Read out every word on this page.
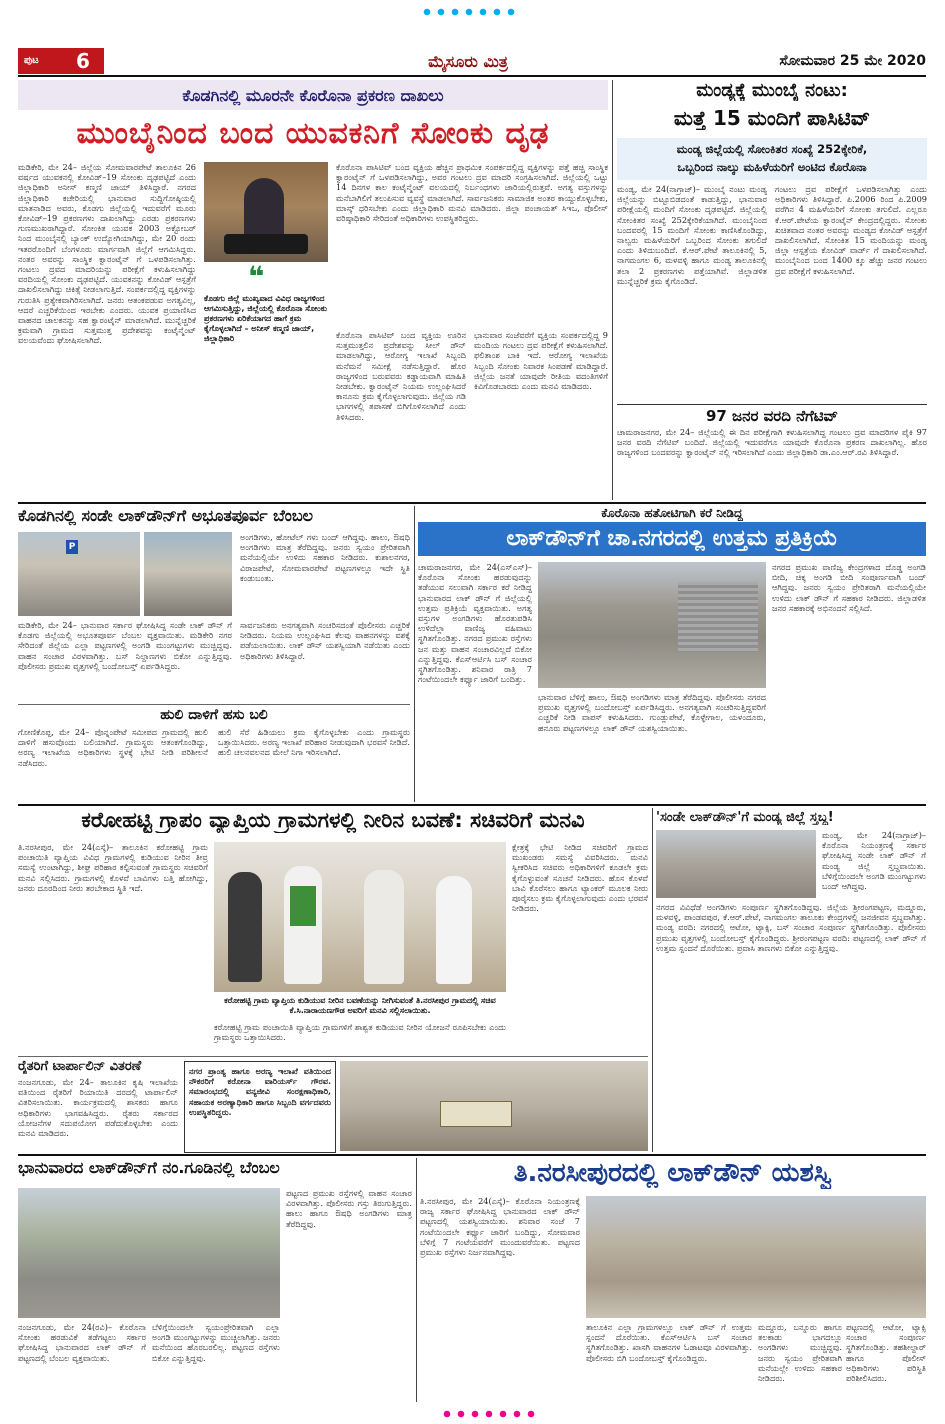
ಪುಟ 6	ಮೈಸೂರು ಮಿತ್ರ	ಸೋಮವಾರ 25 ಮೇ 2020
ಕೊಡಗಿನಲ್ಲಿ ಮೂರನೇ ಕೊರೊನಾ ಪ್ರಕರಣ ದಾಖಲು
ಮುಂಬೈನಿಂದ ಬಂದ ಯುವಕನಿಗೆ ಸೋಂಕು ದೃಢ
ಮಡಿಕೇರಿ, ಮೇ 24– ಜಿಲ್ಲೆಯ ಸೋಮವಾರಪೇಟೆ ತಾಲೂಕಿನ 26 ವರ್ಷದ ಯುವಕನಲ್ಲಿ ಕೋವಿಡ್–19 ಸೋಂಕು ದೃಢಪಟ್ಟಿದೆ ಎಂದು ಜಿಲ್ಲಾಧಿಕಾರಿ ಅನೀಸ್ ಕಣ್ಮಣಿ ಜಾಯ್ ತಿಳಿಸಿದ್ದಾರೆ. ನಗರದ ಜಿಲ್ಲಾಧಿಕಾರಿ ಕಚೇರಿಯಲ್ಲಿ ಭಾನುವಾರ ಸುದ್ದಿಗೋಷ್ಠಿಯಲ್ಲಿ ಮಾತನಾಡಿದ ಅವರು, ಕೊಡಗು ಜಿಲ್ಲೆಯಲ್ಲಿ ಇದುವರೆಗೆ ಮೂರು ಕೋವಿಡ್–19 ಪ್ರಕರಣಗಳು ದಾಖಲಾಗಿದ್ದು ಎರಡು ಪ್ರಕರಣಗಳು ಗುಣಮುಖರಾಗಿದ್ದಾರೆ. ಸೋಂಕಿತ ಯುವಕ 2003 ಅಕ್ಟೋಬರ್ ನಿಂದ ಮುಂಬೈನಲ್ಲಿ ಬ್ಯಾಂಕ್ ಉದ್ಯೋಗಿಯಾಗಿದ್ದು, ಮೇ 20 ರಂದು ಇತರರೊಂದಿಗೆ ಬೆಂಗಳೂರು ಮಾರ್ಗವಾಗಿ ಜಿಲ್ಲೆಗೆ ಆಗಮಿಸಿದ್ದರು. ನಂತರ ಅವರನ್ನು ಸಾಂಸ್ಥಿಕ ಕ್ವಾರಂಟೈನ್ ಗೆ ಒಳಪಡಿಸಲಾಗಿತ್ತು. ಗಂಟಲು ದ್ರವದ ಮಾದರಿಯನ್ನು ಪರೀಕ್ಷೆಗೆ ಕಳುಹಿಸಲಾಗಿದ್ದು ವರದಿಯಲ್ಲಿ ಸೋಂಕು ದೃಢಪಟ್ಟಿದೆ. ಯುವಕನನ್ನು ಕೋವಿಡ್ ಆಸ್ಪತ್ರೆಗೆ ದಾಖಲಿಸಲಾಗಿದ್ದು ಚಿಕಿತ್ಸೆ ನೀಡಲಾಗುತ್ತಿದೆ. ಸಂಪರ್ಕದಲ್ಲಿದ್ದ ವ್ಯಕ್ತಿಗಳನ್ನು ಗುರುತಿಸಿ ಪ್ರತ್ಯೇಕವಾಗಿರಿಸಲಾಗಿದೆ. ಜನರು ಆತಂಕಪಡುವ ಅಗತ್ಯವಿಲ್ಲ, ಆದರೆ ಎಚ್ಚರಿಕೆಯಿಂದ ಇರಬೇಕು ಎಂದರು. ಯುವಕ ಪ್ರಯಾಣಿಸಿದ ವಾಹನದ ಚಾಲಕನನ್ನು ಸಹ ಕ್ವಾರಂಟೈನ್ ಮಾಡಲಾಗಿದೆ. ಮುನ್ನೆಚ್ಚರಿಕೆ ಕ್ರಮವಾಗಿ ಗ್ರಾಮದ ಸುತ್ತಮುತ್ತ ಪ್ರದೇಶವನ್ನು ಕಂಟೈನ್ಮೆಂಟ್ ವಲಯವೆಂದು ಘೋಷಿಸಲಾಗಿದೆ.
❝
ಕೊಡಗು ಜಿಲ್ಲೆ ಮುಖ್ಯವಾದ ವಿವಿಧ ರಾಜ್ಯಗಳಿಂದ ಆಗಮಿಸುತ್ತಿದ್ದು, ಜಿಲ್ಲೆಯಲ್ಲಿ ಕೊರೊನಾ ಸೋಂಕು ಪ್ರಕರಣಗಳು ಏರಿಕೆಯಾಗದ ಹಾಗೆ ಕ್ರಮ ಕೈಗೊಳ್ಳಲಾಗಿದೆ – ಅನೀಸ್ ಕಣ್ಮಣಿ ಜಾಯ್, ಜಿಲ್ಲಾಧಿಕಾರಿ
ಕೊರೊನಾ ಪಾಸಿಟಿವ್ ಬಂದ ವ್ಯಕ್ತಿಯ ಹೆಚ್ಚಿನ ಪ್ರಾಥಮಿಕ ಸಂಪರ್ಕದಲ್ಲಿದ್ದ ವ್ಯಕ್ತಿಗಳನ್ನು ಪತ್ತೆ ಹಚ್ಚಿ ಸಾಂಸ್ಥಿಕ ಕ್ವಾರಂಟೈನ್ ಗೆ ಒಳಪಡಿಸಲಾಗಿದ್ದು, ಅವರ ಗಂಟಲು ದ್ರವ ಮಾದರಿ ಸಂಗ್ರಹಿಸಲಾಗಿದೆ. ಜಿಲ್ಲೆಯಲ್ಲಿ ಒಟ್ಟು 14 ದಿನಗಳ ಕಾಲ ಕಂಟೈನ್ಮೆಂಟ್ ವಲಯದಲ್ಲಿ ನಿರ್ಬಂಧಗಳು ಜಾರಿಯಲ್ಲಿರುತ್ತವೆ. ಅಗತ್ಯ ವಸ್ತುಗಳನ್ನು ಮನೆಬಾಗಿಲಿಗೆ ತಲುಪಿಸುವ ವ್ಯವಸ್ಥೆ ಮಾಡಲಾಗಿದೆ. ಸಾರ್ವಜನಿಕರು ಸಾಮಾಜಿಕ ಅಂತರ ಕಾಯ್ದುಕೊಳ್ಳಬೇಕು, ಮಾಸ್ಕ್ ಧರಿಸಬೇಕು ಎಂದು ಜಿಲ್ಲಾಧಿಕಾರಿ ಮನವಿ ಮಾಡಿದರು. ಜಿಲ್ಲಾ ಪಂಚಾಯತ್ ಸಿಇಒ, ಪೊಲೀಸ್ ವರಿಷ್ಠಾಧಿಕಾರಿ ಸೇರಿದಂತೆ ಅಧಿಕಾರಿಗಳು ಉಪಸ್ಥಿತರಿದ್ದರು.
ಕೊರೊನಾ ಪಾಸಿಟಿವ್ ಬಂದ ವ್ಯಕ್ತಿಯ ಊರಿನ ಸುತ್ತಮುತ್ತಲಿನ ಪ್ರದೇಶವನ್ನು ಸೀಲ್ ಡೌನ್ ಮಾಡಲಾಗಿದ್ದು, ಆರೋಗ್ಯ ಇಲಾಖೆ ಸಿಬ್ಬಂದಿ ಮನೆಮನೆ ಸಮೀಕ್ಷೆ ನಡೆಸುತ್ತಿದ್ದಾರೆ. ಹೊರ ರಾಜ್ಯಗಳಿಂದ ಬರುವವರು ಕಡ್ಡಾಯವಾಗಿ ಮಾಹಿತಿ ನೀಡಬೇಕು. ಕ್ವಾರಂಟೈನ್ ನಿಯಮ ಉಲ್ಲಂಘಿಸಿದರೆ ಕಾನೂನು ಕ್ರಮ ಕೈಗೊಳ್ಳಲಾಗುವುದು. ಜಿಲ್ಲೆಯ ಗಡಿ ಭಾಗಗಳಲ್ಲಿ ತಪಾಸಣೆ ಬಿಗಿಗೊಳಿಸಲಾಗಿದೆ ಎಂದು ತಿಳಿಸಿದರು.
ಭಾನುವಾರ ಸಂಜೆವರೆಗೆ ವ್ಯಕ್ತಿಯ ಸಂಪರ್ಕದಲ್ಲಿದ್ದ 9 ಮಂದಿಯ ಗಂಟಲು ದ್ರವ ಪರೀಕ್ಷೆಗೆ ಕಳುಹಿಸಲಾಗಿದೆ. ಫಲಿತಾಂಶ ಬಾಕಿ ಇದೆ. ಆರೋಗ್ಯ ಇಲಾಖೆಯ ಸಿಬ್ಬಂದಿ ಸೋಂಕು ನಿವಾರಕ ಸಿಂಪಡಣೆ ಮಾಡಿದ್ದಾರೆ. ಜಿಲ್ಲೆಯ ಜನತೆ ಯಾವುದೇ ರೀತಿಯ ವದಂತಿಗಳಿಗೆ ಕಿವಿಗೊಡಬಾರದು ಎಂದು ಮನವಿ ಮಾಡಿದರು.
ಮಂಡ್ಯಕ್ಕೆ ಮುಂಬೈ ನಂಟು:
ಮತ್ತೆ 15 ಮಂದಿಗೆ ಪಾಸಿಟಿವ್
ಮಂಡ್ಯ ಜಿಲ್ಲೆಯಲ್ಲಿ ಸೋಂಕಿತರ ಸಂಖ್ಯೆ 252ಕ್ಕೇರಿಕೆ,
ಒಬ್ಬರಿಂದ ನಾಲ್ಕು ಮಹಿಳೆಯರಿಗೆ ಅಂಟಿದ ಕೊರೊನಾ
ಮಂಡ್ಯ, ಮೇ 24(ನಾಗ್ರಾಜ್)– ಮುಂಬೈ ನಂಟು ಮಂಡ್ಯ ಜಿಲ್ಲೆಯನ್ನು ಬಿಟ್ಟೂಬಿಡದಂತೆ ಕಾಡುತ್ತಿದ್ದು, ಭಾನುವಾರ ಪರೀಕ್ಷೆಯಲ್ಲಿ ಮಂದಿಗೆ ಸೋಂಕು ದೃಢಪಟ್ಟಿದೆ. ಜಿಲ್ಲೆಯಲ್ಲಿ ಸೋಂಕಿತರ ಸಂಖ್ಯೆ 252ಕ್ಕೇರಿಕೆಯಾಗಿದೆ. ಮುಂಬೈನಿಂದ ಬಂದವರಲ್ಲಿ 15 ಮಂದಿಗೆ ಸೋಂಕು ಕಾಣಿಸಿಕೊಂಡಿದ್ದು, ನಾಲ್ವರು ಮಹಿಳೆಯರಿಗೆ ಒಬ್ಬರಿಂದ ಸೋಂಕು ತಗುಲಿದೆ ಎಂದು ತಿಳಿದುಬಂದಿದೆ. ಕೆ.ಆರ್.ಪೇಟೆ ತಾಲೂಕಿನಲ್ಲಿ 5, ನಾಗಮಂಗಲ 6, ಮಳವಳ್ಳಿ ಹಾಗೂ ಮಂಡ್ಯ ತಾಲೂಕಿನಲ್ಲಿ ತಲಾ 2 ಪ್ರಕರಣಗಳು ಪತ್ತೆಯಾಗಿವೆ. ಜಿಲ್ಲಾಡಳಿತ ಮುನ್ನೆಚ್ಚರಿಕೆ ಕ್ರಮ ಕೈಗೊಂಡಿದೆ.
ಗಂಟಲು ದ್ರವ ಪರೀಕ್ಷೆಗೆ ಒಳಪಡಿಸಲಾಗಿತ್ತು ಎಂದು ಅಧಿಕಾರಿಗಳು ತಿಳಿಸಿದ್ದಾರೆ. ಪಿ.2006 ರಿಂದ ಪಿ.2009 ವರೆಗಿನ 4 ಮಹಿಳೆಯರಿಗೆ ಸೋಂಕು ತಗುಲಿದೆ. ಎಲ್ಲರೂ ಕೆ.ಆರ್.ಪೇಟೆಯ ಕ್ವಾರಂಟೈನ್ ಕೇಂದ್ರದಲ್ಲಿದ್ದರು. ಸೋಂಕು ಖಚಿತವಾದ ನಂತರ ಅವರನ್ನು ಮಂಡ್ಯದ ಕೋವಿಡ್ ಆಸ್ಪತ್ರೆಗೆ ದಾಖಲಿಸಲಾಗಿದೆ. ಸೋಂಕಿತ 15 ಮಂದಿಯನ್ನು ಮಂಡ್ಯ ಜಿಲ್ಲಾ ಆಸ್ಪತ್ರೆಯ ಕೋವಿಡ್ ವಾರ್ಡ್ ಗೆ ದಾಖಲಿಸಲಾಗಿದೆ. ಮುಂಬೈನಿಂದ ಬಂದ 1400 ಕ್ಕೂ ಹೆಚ್ಚು ಜನರ ಗಂಟಲು ದ್ರವ ಪರೀಕ್ಷೆಗೆ ಕಳುಹಿಸಲಾಗಿದೆ.
97 ಜನರ ವರದಿ ನೆಗೆಟಿವ್
ಚಾಮರಾಜನಗರ, ಮೇ 24– ಜಿಲ್ಲೆಯಲ್ಲಿ ಈ ದಿನ ಪರೀಕ್ಷೆಗಾಗಿ ಕಳುಹಿಸಲಾಗಿದ್ದ ಗಂಟಲು ದ್ರವ ಮಾದರಿಗಳ ಪೈಕಿ 97 ಜನರ ವರದಿ ನೆಗೆಟಿವ್ ಬಂದಿದೆ. ಜಿಲ್ಲೆಯಲ್ಲಿ ಇದುವರೆಗೂ ಯಾವುದೇ ಕೊರೊನಾ ಪ್ರಕರಣ ದಾಖಲಾಗಿಲ್ಲ. ಹೊರ ರಾಜ್ಯಗಳಿಂದ ಬಂದವರನ್ನು ಕ್ವಾರಂಟೈನ್ ನಲ್ಲಿ ಇರಿಸಲಾಗಿದೆ ಎಂದು ಜಿಲ್ಲಾಧಿಕಾರಿ ಡಾ.ಎಂ.ಆರ್.ರವಿ ತಿಳಿಸಿದ್ದಾರೆ.
ಕೊಡಗಿನಲ್ಲಿ ಸಂಡೇ ಲಾಕ್‌ಡೌನ್‌ಗೆ ಅಭೂತಪೂರ್ವ ಬೆಂಬಲ
P
ಮಡಿಕೇರಿ, ಮೇ 24– ಭಾನುವಾರ ಸರ್ಕಾರ ಘೋಷಿಸಿದ್ದ ಸಂಡೇ ಲಾಕ್ ಡೌನ್ ಗೆ ಕೊಡಗು ಜಿಲ್ಲೆಯಲ್ಲಿ ಅಭೂತಪೂರ್ವ ಬೆಂಬಲ ವ್ಯಕ್ತವಾಯಿತು. ಮಡಿಕೇರಿ ನಗರ ಸೇರಿದಂತೆ ಜಿಲ್ಲೆಯ ಎಲ್ಲಾ ಪಟ್ಟಣಗಳಲ್ಲಿ ಅಂಗಡಿ ಮುಂಗಟ್ಟುಗಳು ಮುಚ್ಚಿದ್ದವು. ವಾಹನ ಸಂಚಾರ ವಿರಳವಾಗಿತ್ತು. ಬಸ್ ನಿಲ್ದಾಣಗಳು ಬಿಕೋ ಎನ್ನುತ್ತಿದ್ದವು. ಪೊಲೀಸರು ಪ್ರಮುಖ ವೃತ್ತಗಳಲ್ಲಿ ಬಂದೋಬಸ್ತ್ ಏರ್ಪಡಿಸಿದ್ದರು.
ಅಂಗಡಿಗಳು, ಹೋಟೆಲ್ ಗಳು ಬಂದ್ ಆಗಿದ್ದವು. ಹಾಲು, ಔಷಧಿ ಅಂಗಡಿಗಳು ಮಾತ್ರ ತೆರೆದಿದ್ದವು. ಜನರು ಸ್ವಯಂ ಪ್ರೇರಿತವಾಗಿ ಮನೆಯಲ್ಲಿಯೇ ಉಳಿದು ಸಹಕಾರ ನೀಡಿದರು. ಕುಶಾಲನಗರ, ವಿರಾಜಪೇಟೆ, ಸೋಮವಾರಪೇಟೆ ಪಟ್ಟಣಗಳಲ್ಲೂ ಇದೇ ಸ್ಥಿತಿ ಕಂಡುಬಂತು.
ಸಾರ್ವಜನಿಕರು ಅನಗತ್ಯವಾಗಿ ಸಂಚರಿಸದಂತೆ ಪೊಲೀಸರು ಎಚ್ಚರಿಕೆ ನೀಡಿದರು. ನಿಯಮ ಉಲ್ಲಂಘಿಸಿದ ಕೆಲವು ವಾಹನಗಳನ್ನು ವಶಕ್ಕೆ ಪಡೆಯಲಾಯಿತು. ಲಾಕ್ ಡೌನ್ ಯಶಸ್ವಿಯಾಗಿ ನಡೆಯಿತು ಎಂದು ಅಧಿಕಾರಿಗಳು ತಿಳಿಸಿದ್ದಾರೆ.
ಹುಲಿ ದಾಳಿಗೆ ಹಸು ಬಲಿ
ಗೋಣಿಕೊಪ್ಪ, ಮೇ 24– ಪೊನ್ನಂಪೇಟೆ ಸಮೀಪದ ಗ್ರಾಮದಲ್ಲಿ ಹುಲಿ ದಾಳಿಗೆ ಹಸುವೊಂದು ಬಲಿಯಾಗಿದೆ. ಗ್ರಾಮಸ್ಥರು ಆತಂಕಗೊಂಡಿದ್ದು, ಅರಣ್ಯ ಇಲಾಖೆಯ ಅಧಿಕಾರಿಗಳು ಸ್ಥಳಕ್ಕೆ ಭೇಟಿ ನೀಡಿ ಪರಿಶೀಲನೆ ನಡೆಸಿದರು.
ಹುಲಿ ಸೆರೆ ಹಿಡಿಯಲು ಕ್ರಮ ಕೈಗೊಳ್ಳಬೇಕು ಎಂದು ಗ್ರಾಮಸ್ಥರು ಒತ್ತಾಯಿಸಿದರು. ಅರಣ್ಯ ಇಲಾಖೆ ಪರಿಹಾರ ನೀಡುವುದಾಗಿ ಭರವಸೆ ನೀಡಿದೆ. ಹುಲಿ ಚಲನವಲನದ ಮೇಲೆ ನಿಗಾ ಇರಿಸಲಾಗಿದೆ.
ಕೊರೊನಾ ಹತೋಟಿಗಾಗಿ ಕರೆ ನೀಡಿದ್ದ
ಲಾಕ್‌ಡೌನ್‌ಗೆ ಚಾ.ನಗರದಲ್ಲಿ ಉತ್ತಮ ಪ್ರತಿಕ್ರಿಯೆ
ಚಾಮರಾಜನಗರ, ಮೇ 24(ಎಸ್ಎಸ್)– ಕೊರೊನಾ ಸೋಂಕು ಹರಡುವುದನ್ನು ತಡೆಯುವ ಸಲುವಾಗಿ ಸರ್ಕಾರ ಕರೆ ನೀಡಿದ್ದ ಭಾನುವಾರದ ಲಾಕ್ ಡೌನ್ ಗೆ ಜಿಲ್ಲೆಯಲ್ಲಿ ಉತ್ತಮ ಪ್ರತಿಕ್ರಿಯೆ ವ್ಯಕ್ತವಾಯಿತು. ಅಗತ್ಯ ವಸ್ತುಗಳ ಅಂಗಡಿಗಳು ಹೊರತುಪಡಿಸಿ ಉಳಿದೆಲ್ಲಾ ವಾಣಿಜ್ಯ ವಹಿವಾಟು ಸ್ಥಗಿತಗೊಂಡಿತ್ತು. ನಗರದ ಪ್ರಮುಖ ರಸ್ತೆಗಳು ಜನ ಮತ್ತು ವಾಹನ ಸಂಚಾರವಿಲ್ಲದೆ ಬಿಕೋ ಎನ್ನುತ್ತಿದ್ದವು. ಕೆಎಸ್ಆರ್ಟಿಸಿ ಬಸ್ ಸಂಚಾರ ಸ್ಥಗಿತಗೊಂಡಿತ್ತು. ಶನಿವಾರ ರಾತ್ರಿ 7 ಗಂಟೆಯಿಂದಲೇ ಕರ್ಫ್ಯೂ ಜಾರಿಗೆ ಬಂದಿತ್ತು.
ಭಾನುವಾರ ಬೆಳಿಗ್ಗೆ ಹಾಲು, ಔಷಧಿ ಅಂಗಡಿಗಳು ಮಾತ್ರ ತೆರೆದಿದ್ದವು. ಪೊಲೀಸರು ನಗರದ ಪ್ರಮುಖ ವೃತ್ತಗಳಲ್ಲಿ ಬಂದೋಬಸ್ತ್ ಏರ್ಪಡಿಸಿದ್ದರು. ಅನಗತ್ಯವಾಗಿ ಸಂಚರಿಸುತ್ತಿದ್ದವರಿಗೆ ಎಚ್ಚರಿಕೆ ನೀಡಿ ವಾಪಸ್ ಕಳುಹಿಸಿದರು. ಗುಂಡ್ಲುಪೇಟೆ, ಕೊಳ್ಳೇಗಾಲ, ಯಳಂದೂರು, ಹನೂರು ಪಟ್ಟಣಗಳಲ್ಲೂ ಲಾಕ್ ಡೌನ್ ಯಶಸ್ವಿಯಾಯಿತು.
ನಗರದ ಪ್ರಮುಖ ವಾಣಿಜ್ಯ ಕೇಂದ್ರಗಳಾದ ದೊಡ್ಡ ಅಂಗಡಿ ಬೀದಿ, ಚಿಕ್ಕ ಅಂಗಡಿ ಬೀದಿ ಸಂಪೂರ್ಣವಾಗಿ ಬಂದ್ ಆಗಿದ್ದವು. ಜನರು ಸ್ವಯಂ ಪ್ರೇರಿತರಾಗಿ ಮನೆಯಲ್ಲಿಯೇ ಉಳಿದು ಲಾಕ್ ಡೌನ್ ಗೆ ಸಹಕಾರ ನೀಡಿದರು. ಜಿಲ್ಲಾಡಳಿತ ಜನರ ಸಹಕಾರಕ್ಕೆ ಅಭಿನಂದನೆ ಸಲ್ಲಿಸಿದೆ.
ಕರೋಹಟ್ಟಿ ಗ್ರಾಪಂ ವ್ಯಾಪ್ತಿಯ ಗ್ರಾಮಗಳಲ್ಲಿ ನೀರಿನ ಬವಣೆ: ಸಚಿವರಿಗೆ ಮನವಿ
ತಿ.ನರಸೀಪುರ, ಮೇ 24(ಎಸ್ಕೆ)– ತಾಲೂಕಿನ ಕರೋಹಟ್ಟಿ ಗ್ರಾಮ ಪಂಚಾಯಿತಿ ವ್ಯಾಪ್ತಿಯ ವಿವಿಧ ಗ್ರಾಮಗಳಲ್ಲಿ ಕುಡಿಯುವ ನೀರಿನ ತೀವ್ರ ಸಮಸ್ಯೆ ಉಂಟಾಗಿದ್ದು, ಶೀಘ್ರ ಪರಿಹಾರ ಕಲ್ಪಿಸುವಂತೆ ಗ್ರಾಮಸ್ಥರು ಸಚಿವರಿಗೆ ಮನವಿ ಸಲ್ಲಿಸಿದರು. ಗ್ರಾಮಗಳಲ್ಲಿ ಕೊಳವೆ ಬಾವಿಗಳು ಬತ್ತಿ ಹೋಗಿದ್ದು, ಜನರು ದೂರದಿಂದ ನೀರು ತರಬೇಕಾದ ಸ್ಥಿತಿ ಇದೆ.
ಕರೋಹಟ್ಟಿ ಗ್ರಾಮ ವ್ಯಾಪ್ತಿಯ ಕುಡಿಯುವ ನೀರಿನ ಬವಣೆಯನ್ನು ನೀಗಿಸುವಂತೆ ತಿ.ನರಸೀಪುರ ಗ್ರಾಮದಲ್ಲಿ ಸಚಿವ ಕೆ.ಸಿ.ನಾರಾಯಣಗೌಡ ಅವರಿಗೆ ಮನವಿ ಸಲ್ಲಿಸಲಾಯಿತು.
ಕ್ಷೇತ್ರಕ್ಕೆ ಭೇಟಿ ನೀಡಿದ ಸಚಿವರಿಗೆ ಗ್ರಾಮದ ಮುಖಂಡರು ಸಮಸ್ಯೆ ವಿವರಿಸಿದರು. ಮನವಿ ಸ್ವೀಕರಿಸಿದ ಸಚಿವರು ಅಧಿಕಾರಿಗಳಿಗೆ ಕೂಡಲೇ ಕ್ರಮ ಕೈಗೊಳ್ಳುವಂತೆ ಸೂಚನೆ ನೀಡಿದರು. ಹೊಸ ಕೊಳವೆ ಬಾವಿ ಕೊರೆಸಲು ಹಾಗೂ ಟ್ಯಾಂಕರ್ ಮೂಲಕ ನೀರು ಪೂರೈಸಲು ಕ್ರಮ ಕೈಗೊಳ್ಳಲಾಗುವುದು ಎಂದು ಭರವಸೆ ನೀಡಿದರು.
ಕರೋಹಟ್ಟಿ ಗ್ರಾಮ ಪಂಚಾಯಿತಿ ವ್ಯಾಪ್ತಿಯ ಗ್ರಾಮಗಳಿಗೆ ಶಾಶ್ವತ ಕುಡಿಯುವ ನೀರಿನ ಯೋಜನೆ ರೂಪಿಸಬೇಕು ಎಂದು ಗ್ರಾಮಸ್ಥರು ಒತ್ತಾಯಿಸಿದರು.
'ಸಂಡೇ ಲಾಕ್‌ಡೌನ್'ಗೆ ಮಂಡ್ಯ ಜಿಲ್ಲೆ ಸ್ತಬ್ಧ!
ಮಂಡ್ಯ, ಮೇ 24(ನಾಗ್ರಾಜ್)– ಕೊರೊನಾ ನಿಯಂತ್ರಣಕ್ಕೆ ಸರ್ಕಾರ ಘೋಷಿಸಿದ್ದ ಸಂಡೇ ಲಾಕ್ ಡೌನ್ ಗೆ ಮಂಡ್ಯ ಜಿಲ್ಲೆ ಸ್ತಬ್ಧವಾಯಿತು. ಬೆಳಿಗ್ಗೆಯಿಂದಲೇ ಅಂಗಡಿ ಮುಂಗಟ್ಟುಗಳು ಬಂದ್ ಆಗಿದ್ದವು.
ನಗರದ ವಿವಿಧೆಡೆ ಅಂಗಡಿಗಳು ಸಂಪೂರ್ಣ ಸ್ಥಗಿತಗೊಂಡಿದ್ದವು. ಜಿಲ್ಲೆಯ ಶ್ರೀರಂಗಪಟ್ಟಣ, ಮದ್ದೂರು, ಮಳವಳ್ಳಿ, ಪಾಂಡವಪುರ, ಕೆ.ಆರ್.ಪೇಟೆ, ನಾಗಮಂಗಲ ತಾಲೂಕು ಕೇಂದ್ರಗಳಲ್ಲಿ ಜನಜೀವನ ಸ್ತಬ್ಧವಾಗಿತ್ತು. ಮಂಡ್ಯ ವರದಿ: ನಗರದಲ್ಲಿ ಆಟೋ, ಟ್ಯಾಕ್ಸಿ, ಬಸ್ ಸಂಚಾರ ಸಂಪೂರ್ಣ ಸ್ಥಗಿತಗೊಂಡಿತ್ತು. ಪೊಲೀಸರು ಪ್ರಮುಖ ವೃತ್ತಗಳಲ್ಲಿ ಬಂದೋಬಸ್ತ್ ಕೈಗೊಂಡಿದ್ದರು. ಶ್ರೀರಂಗಪಟ್ಟಣ ವರದಿ: ಪಟ್ಟಣದಲ್ಲಿ ಲಾಕ್ ಡೌನ್ ಗೆ ಉತ್ತಮ ಸ್ಪಂದನೆ ದೊರೆಯಿತು. ಪ್ರವಾಸಿ ತಾಣಗಳು ಬಿಕೋ ಎನ್ನುತ್ತಿದ್ದವು.
ರೈತರಿಗೆ ಟಾರ್ಪಾಲಿನ್ ವಿತರಣೆ
ನಂಜನಗೂಡು, ಮೇ 24– ತಾಲೂಕಿನ ಕೃಷಿ ಇಲಾಖೆಯ ವತಿಯಿಂದ ರೈತರಿಗೆ ರಿಯಾಯಿತಿ ದರದಲ್ಲಿ ಟಾರ್ಪಾಲಿನ್ ವಿತರಿಸಲಾಯಿತು. ಕಾರ್ಯಕ್ರಮದಲ್ಲಿ ಶಾಸಕರು ಹಾಗೂ ಅಧಿಕಾರಿಗಳು ಭಾಗವಹಿಸಿದ್ದರು. ರೈತರು ಸರ್ಕಾರದ ಯೋಜನೆಗಳ ಸದುಪಯೋಗ ಪಡೆದುಕೊಳ್ಳಬೇಕು ಎಂದು ಮನವಿ ಮಾಡಿದರು.
ನಗರ ಪ್ರಾಂತ್ಯ ಹಾಗೂ ಅರಣ್ಯ ಇಲಾಖೆ ವತಿಯಿಂದ ನೌಕರರಿಗೆ ಕರೋನಾ ವಾರಿಯರ್ಸ್ ಗೌರವ. ಸಮಾರಂಭದಲ್ಲಿ ವನ್ಯಜೀವಿ ಸಂರಕ್ಷಣಾಧಿಕಾರಿ, ಸಹಾಯಕ ಅರಣ್ಯಾಧಿಕಾರಿ ಹಾಗೂ ಸಿಬ್ಬಂದಿ ವರ್ಗದವರು ಉಪಸ್ಥಿತರಿದ್ದರು.
ಭಾನುವಾರದ ಲಾಕ್‌ಡೌನ್‌ಗೆ ನಂ.ಗೂಡಿನಲ್ಲಿ ಬೆಂಬಲ
ನಂಜನಗೂಡು, ಮೇ 24(ರವಿ)– ಕೊರೊನಾ ಸೋಂಕು ಹರಡುವಿಕೆ ತಡೆಗಟ್ಟಲು ಸರ್ಕಾರ ಘೋಷಿಸಿದ್ದ ಭಾನುವಾರದ ಲಾಕ್ ಡೌನ್ ಗೆ ಪಟ್ಟಣದಲ್ಲಿ ಬೆಂಬಲ ವ್ಯಕ್ತವಾಯಿತು.
ಬೆಳಿಗ್ಗೆಯಿಂದಲೇ ಸ್ವಯಂಪ್ರೇರಿತವಾಗಿ ಎಲ್ಲಾ ಅಂಗಡಿ ಮುಂಗಟ್ಟುಗಳನ್ನು ಮುಚ್ಚಲಾಗಿತ್ತು. ಜನರು ಮನೆಯಿಂದ ಹೊರಬರಲಿಲ್ಲ. ಪಟ್ಟಣದ ರಸ್ತೆಗಳು ಬಿಕೋ ಎನ್ನುತ್ತಿದ್ದವು.
ಪಟ್ಟಣದ ಪ್ರಮುಖ ರಸ್ತೆಗಳಲ್ಲಿ ವಾಹನ ಸಂಚಾರ ವಿರಳವಾಗಿತ್ತು. ಪೊಲೀಸರು ಗಸ್ತು ತಿರುಗುತ್ತಿದ್ದರು. ಹಾಲು ಹಾಗೂ ಔಷಧಿ ಅಂಗಡಿಗಳು ಮಾತ್ರ ತೆರೆದಿದ್ದವು.
ತಿ.ನರಸೀಪುರದಲ್ಲಿ ಲಾಕ್‌ಡೌನ್ ಯಶಸ್ವಿ
ತಿ.ನರಸೀಪುರ, ಮೇ 24(ಎಸ್ಕೆ)– ಕೊರೊನಾ ನಿಯಂತ್ರಣಕ್ಕೆ ರಾಜ್ಯ ಸರ್ಕಾರ ಘೋಷಿಸಿದ್ದ ಭಾನುವಾರದ ಲಾಕ್ ಡೌನ್ ಪಟ್ಟಣದಲ್ಲಿ ಯಶಸ್ವಿಯಾಯಿತು. ಶನಿವಾರ ಸಂಜೆ 7 ಗಂಟೆಯಿಂದಲೇ ಕರ್ಫ್ಯೂ ಜಾರಿಗೆ ಬಂದಿದ್ದು, ಸೋಮವಾರ ಬೆಳಿಗ್ಗೆ 7 ಗಂಟೆಯವರೆಗೆ ಮುಂದುವರೆಯಿತು. ಪಟ್ಟಣದ ಪ್ರಮುಖ ರಸ್ತೆಗಳು ನಿರ್ಜನವಾಗಿದ್ದವು.
ತಾಲೂಕಿನ ಎಲ್ಲಾ ಗ್ರಾಮಗಳಲ್ಲೂ ಲಾಕ್ ಡೌನ್ ಗೆ ಉತ್ತಮ ಸ್ಪಂದನೆ ದೊರೆಯಿತು. ಕೆಎಸ್ಆರ್ಟಿಸಿ ಬಸ್ ಸಂಚಾರ ಸ್ಥಗಿತಗೊಂಡಿತ್ತು. ಖಾಸಗಿ ವಾಹನಗಳ ಓಡಾಟವೂ ವಿರಳವಾಗಿತ್ತು. ಪೊಲೀಸರು ಬಿಗಿ ಬಂದೋಬಸ್ತ್ ಕೈಗೊಂಡಿದ್ದರು.
ಮದ್ದೂರು, ಬನ್ನೂರು ಹಾಗೂ ತಲಕಾಡು ಭಾಗದಲ್ಲೂ ಅಂಗಡಿಗಳು ಮುಚ್ಚಿದ್ದವು. ಜನರು ಸ್ವಯಂ ಪ್ರೇರಿತವಾಗಿ ಮನೆಯಲ್ಲೇ ಉಳಿದು ಸಹಕಾರ ನೀಡಿದರು.
ಪಟ್ಟಣದಲ್ಲಿ ಆಟೋ, ಟ್ಯಾಕ್ಸಿ ಸಂಚಾರ ಸಂಪೂರ್ಣ ಸ್ಥಗಿತಗೊಂಡಿತ್ತು. ತಹಶೀಲ್ದಾರ್ ಹಾಗೂ ಪೊಲೀಸ್ ಅಧಿಕಾರಿಗಳು ಪರಿಸ್ಥಿತಿ ಪರಿಶೀಲಿಸಿದರು.
